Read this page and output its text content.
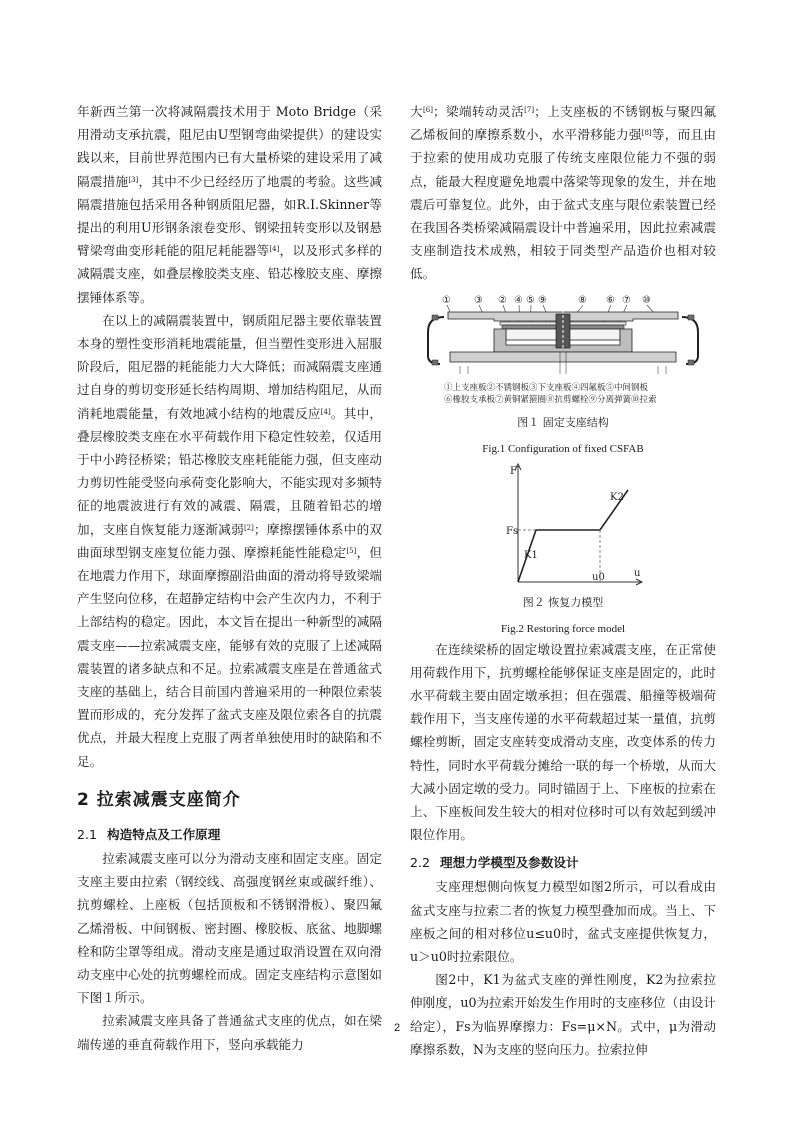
年新西兰第一次将减隔震技术用于 Moto Bridge（采用滑动支承抗震，阻尼由U型钢弯曲梁提供）的建设实践以来，目前世界范围内已有大量桥梁的建设采用了减隔震措施[3]，其中不少已经经历了地震的考验。这些减隔震措施包括采用各种钢质阻尼器，如R.I.Skinner等提出的利用U形钢条滚卷变形、钢梁扭转变形以及钢悬臂梁弯曲变形耗能的阻尼耗能器等[4]，以及形式多样的减隔震支座，如叠层橡胶类支座、铅芯橡胶支座、摩擦摆锤体系等。

在以上的减隔震装置中，钢质阻尼器主要依靠装置本身的塑性变形消耗地震能量，但当塑性变形进入屈服阶段后，阻尼器的耗能能力大大降低；而减隔震支座通过自身的剪切变形延长结构周期、增加结构阻尼，从而消耗地震能量，有效地减小结构的地震反应[4]。其中，叠层橡胶类支座在水平荷载作用下稳定性较差，仅适用于中小跨径桥梁；铅芯橡胶支座耗能能力强，但支座动力剪切性能受竖向承荷变化影响大，不能实现对多频特征的地震波进行有效的减震、隔震，且随着铅芯的增加，支座自恢复能力逐渐减弱[2]；摩擦摆锤体系中的双曲面球型钢支座复位能力强、摩擦耗能性能稳定[5]，但在地震力作用下，球面摩擦副沿曲面的滑动将导致梁端产生竖向位移，在超静定结构中会产生次内力，不利于上部结构的稳定。因此，本文旨在提出一种新型的减隔震支座——拉索减震支座，能够有效的克服了上述减隔震装置的诸多缺点和不足。拉索减震支座是在普通盆式支座的基础上，结合目前国内普遍采用的一种限位索装置而形成的，充分发挥了盆式支座及限位索各自的抗震优点，并最大程度上克服了两者单独使用时的缺陷和不足。

2 拉索减震支座简介
2.1 构造特点及工作原理

拉索减震支座可以分为滑动支座和固定支座。固定支座主要由拉索（钢绞线、高强度钢丝束或碳纤维）、抗剪螺栓、上座板（包括顶板和不锈钢滑板）、聚四氟乙烯滑板、中间钢板、密封圈、橡胶板、底盆、地脚螺栓和防尘罩等组成。滑动支座是通过取消设置在双向滑动支座中心处的抗剪螺栓而成。固定支座结构示意图如下图１所示。

拉索减震支座具备了普通盆式支座的优点，如在梁端传递的垂直荷载作用下，竖向承载能力

大[6]；梁端转动灵活[7]；上支座板的不锈钢板与聚四氟乙烯板间的摩擦系数小，水平滑移能力强[8]等，而且由于拉索的使用成功克服了传统支座限位能力不强的弱点，能最大程度避免地震中落梁等现象的发生，并在地震后可靠复位。此外，由于盆式支座与限位索装置已经在我国各类桥梁减隔震设计中普遍采用，因此拉索减震支座制造技术成熟，相较于同类型产品造价也相对较低。

① ③ ② ④ ⑤ ⑨	⑧ ⑥ ⑦ ⑩
①上支座板②不锈钢板③下支座板④四氟板⑤中间钢板
⑥橡胶支承板⑦黄铜紧箍圈⑧抗剪螺栓⑨分离弹簧⑩拉索

图１ 固定支座结构

Fig.1 Configuration of fixed CSFAB

F
Fs
K1
K2
u0	u

图２ 恢复力模型

Fig.2 Restoring force model

在连续梁桥的固定墩设置拉索减震支座，在正常使用荷载作用下，抗剪螺栓能够保证支座是固定的，此时水平荷载主要由固定墩承担；但在强震、船撞等极端荷载作用下，当支座传递的水平荷载超过某一量值，抗剪螺栓剪断，固定支座转变成滑动支座，改变体系的传力特性，同时水平荷载分摊给一联的每一个桥墩，从而大大减小固定墩的受力。同时锚固于上、下座板的拉索在上、下座板间发生较大的相对位移时可以有效起到缓冲限位作用。

2.2 理想力学模型及参数设计

支座理想侧向恢复力模型如图2所示，可以看成由盆式支座与拉索二者的恢复力模型叠加而成。当上、下座板之间的相对移位u≤u0时，盆式支座提供恢复力，u＞u0时拉索限位。

图2中，K1为盆式支座的弹性刚度，K2为拉索拉伸刚度，u0为拉索开始发生作用时的支座移位（由设计给定），Fs为临界摩擦力：Fs=μ×N。式中，μ为滑动摩擦系数，N为支座的竖向压力。拉索拉伸

2
